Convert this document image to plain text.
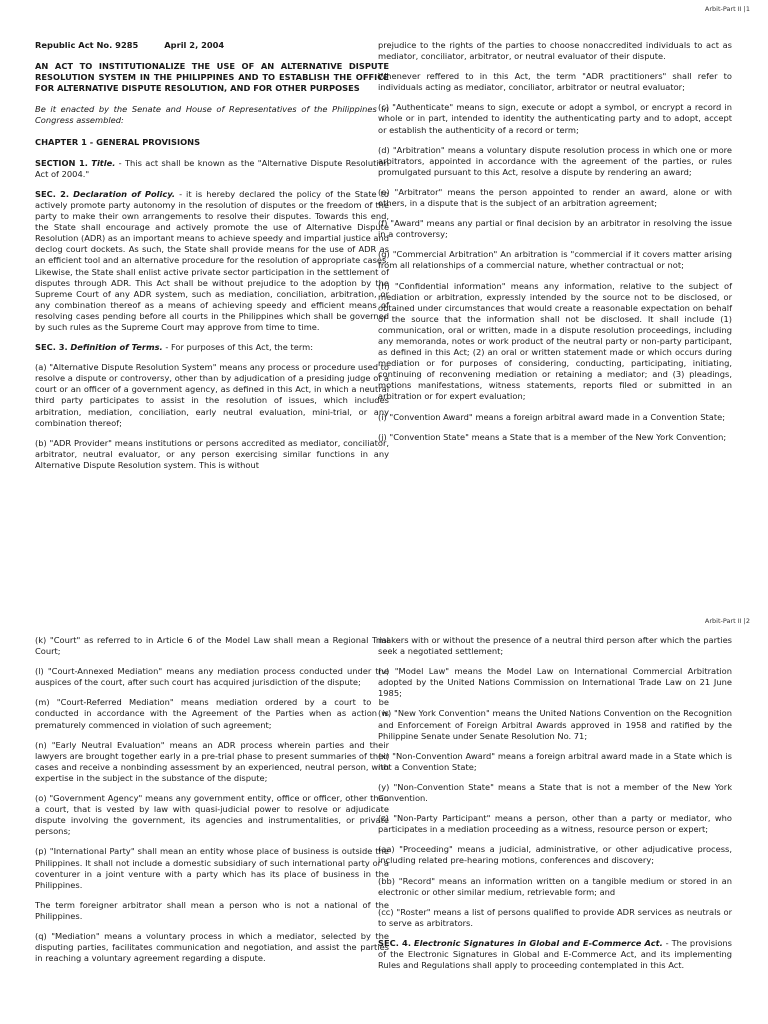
Arbit-Part II |1

Republic Act No. 9285	April 2, 2004

AN ACT TO INSTITUTIONALIZE THE USE OF AN ALTERNATIVE DISPUTE RESOLUTION SYSTEM IN THE PHILIPPINES AND TO ESTABLISH THE OFFICE FOR ALTERNATIVE DISPUTE RESOLUTION, AND FOR OTHER PURPOSES

Be it enacted by the Senate and House of Representatives of the Philippines in Congress assembled:

CHAPTER 1 - GENERAL PROVISIONS

SECTION 1. Title. - This act shall be known as the "Alternative Dispute Resolution Act of 2004."

SEC. 2. Declaration of Policy. - it is hereby declared the policy of the State to actively promote party autonomy in the resolution of disputes or the freedom of the party to make their own arrangements to resolve their disputes. Towards this end, the State shall encourage and actively promote the use of Alternative Dispute Resolution (ADR) as an important means to achieve speedy and impartial justice and declog court dockets. As such, the State shall provide means for the use of ADR as an efficient tool and an alternative procedure for the resolution of appropriate cases. Likewise, the State shall enlist active private sector participation in the settlement of disputes through ADR. This Act shall be without prejudice to the adoption by the Supreme Court of any ADR system, such as mediation, conciliation, arbitration, or any combination thereof as a means of achieving speedy and efficient means of resolving cases pending before all courts in the Philippines which shall be governed by such rules as the Supreme Court may approve from time to time.

SEC. 3. Definition of Terms. - For purposes of this Act, the term:

(a) "Alternative Dispute Resolution System" means any process or procedure used to resolve a dispute or controversy, other than by adjudication of a presiding judge of a court or an officer of a government agency, as defined in this Act, in which a neutral third party participates to assist in the resolution of issues, which includes arbitration, mediation, conciliation, early neutral evaluation, mini-trial, or any combination thereof;

(b) "ADR Provider" means institutions or persons accredited as mediator, conciliator, arbitrator, neutral evaluator, or any person exercising similar functions in any Alternative Dispute Resolution system. This is without

prejudice to the rights of the parties to choose nonaccredited individuals to act as mediator, conciliator, arbitrator, or neutral evaluator of their dispute.

Whenever reffered to in this Act, the term "ADR practitioners" shall refer to individuals acting as mediator, conciliator, arbitrator or neutral evaluator;

(c) "Authenticate" means to sign, execute or adopt a symbol, or encrypt a record in whole or in part, intended to identity the authenticating party and to adopt, accept or establish the authenticity of a record or term;

(d) "Arbitration" means a voluntary dispute resolution process in which one or more arbitrators, appointed in accordance with the agreement of the parties, or rules promulgated pursuant to this Act, resolve a dispute by rendering an award;

(e) "Arbitrator" means the person appointed to render an award, alone or with others, in a dispute that is the subject of an arbitration agreement;

(f) "Award" means any partial or final decision by an arbitrator in resolving the issue in a controversy;

(g) "Commercial Arbitration" An arbitration is "commercial if it covers matter arising from all relationships of a commercial nature, whether contractual or not;

(h) "Confidential information" means any information, relative to the subject of mediation or arbitration, expressly intended by the source not to be disclosed, or obtained under circumstances that would create a reasonable expectation on behalf of the source that the information shall not be disclosed. It shall include (1) communication, oral or written, made in a dispute resolution proceedings, including any memoranda, notes or work product of the neutral party or non-party participant, as defined in this Act; (2) an oral or written statement made or which occurs during mediation or for purposes of considering, conducting, participating, initiating, continuing of reconvening mediation or retaining a mediator; and (3) pleadings, motions manifestations, witness statements, reports filed or submitted in an arbitration or for expert evaluation;

(i) "Convention Award" means a foreign arbitral award made in a Convention State;

(j) "Convention State" means a State that is a member of the New York Convention;

Arbit-Part II |2

(k) "Court" as referred to in Article 6 of the Model Law shall mean a Regional Trial Court;

(l) "Court-Annexed Mediation" means any mediation process conducted under the auspices of the court, after such court has acquired jurisdiction of the dispute;

(m) "Court-Referred Mediation" means mediation ordered by a court to be conducted in accordance with the Agreement of the Parties when as action is prematurely commenced in violation of such agreement;

(n) "Early Neutral Evaluation" means an ADR process wherein parties and their lawyers are brought together early in a pre-trial phase to present summaries of their cases and receive a nonbinding assessment by an experienced, neutral person, with expertise in the subject in the substance of the dispute;

(o) "Government Agency" means any government entity, office or officer, other than a court, that is vested by law with quasi-judicial power to resolve or adjudicate dispute involving the government, its agencies and instrumentalities, or private persons;

(p) "International Party" shall mean an entity whose place of business is outside the Philippines. It shall not include a domestic subsidiary of such international party or a coventurer in a joint venture with a party which has its place of business in the Philippines.

The term foreigner arbitrator shall mean a person who is not a national of the Philippines.

(q) "Mediation" means a voluntary process in which a mediator, selected by the disputing parties, facilitates communication and negotiation, and assist the parties in reaching a voluntary agreement regarding a dispute.

makers with or without the presence of a neutral third person after which the parties seek a negotiated settlement;

(v) "Model Law" means the Model Law on International Commercial Arbitration adopted by the United Nations Commission on International Trade Law on 21 June 1985;

(w) "New York Convention" means the United Nations Convention on the Recognition and Enforcement of Foreign Arbitral Awards approved in 1958 and ratified by the Philippine Senate under Senate Resolution No. 71;

(x) "Non-Convention Award" means a foreign arbitral award made in a State which is not a Convention State;

(y) "Non-Convention State" means a State that is not a member of the New York Convention.

(z) "Non-Party Participant" means a person, other than a party or mediator, who participates in a mediation proceeding as a witness, resource person or expert;

(aa) "Proceeding" means a judicial, administrative, or other adjudicative process, including related pre-hearing motions, conferences and discovery;

(bb) "Record" means an information written on a tangible medium or stored in an electronic or other similar medium, retrievable form; and

(cc) "Roster" means a list of persons qualified to provide ADR services as neutrals or to serve as arbitrators.

SEC. 4. Electronic Signatures in Global and E-Commerce Act. - The provisions of the Electronic Signatures in Global and E-Commerce Act, and its implementing Rules and Regulations shall apply to proceeding contemplated in this Act.
